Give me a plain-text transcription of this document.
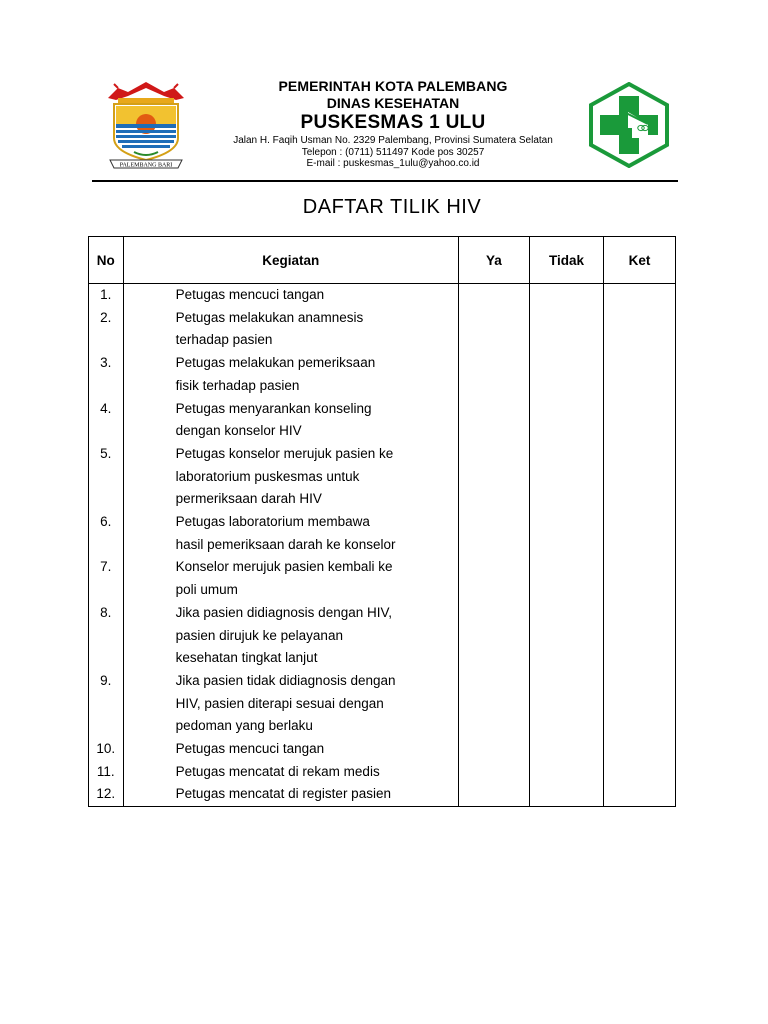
PALEMBANG BARI
PEMERINTAH KOTA PALEMBANG
DINAS KESEHATAN
PUSKESMAS 1 ULU
Jalan H. Faqih Usman No. 2329 Palembang, Provinsi Sumatera Selatan
Telepon : (0711) 511497 Kode pos 30257
E-mail : puskesmas_1ulu@yahoo.co.id
DAFTAR TILIK HIV
No	Kegiatan	Ya	Tidak	Ket
1.	Petugas mencuci tangan			

2.	Petugas melakukan anamnesis
terhadap pasien			

3.	Petugas melakukan pemeriksaan
fisik terhadap pasien			

4.	Petugas menyarankan konseling
dengan konselor HIV			

5.	Petugas konselor merujuk pasien ke
laboratorium puskesmas untuk
permeriksaan darah HIV			

6.	Petugas laboratorium membawa
hasil pemeriksaan darah ke konselor			

7.	Konselor merujuk pasien kembali ke
poli umum			

8.	Jika pasien didiagnosis dengan HIV,
pasien dirujuk ke pelayanan
kesehatan tingkat lanjut			

9.	Jika pasien tidak didiagnosis dengan
HIV, pasien diterapi sesuai dengan
pedoman yang berlaku			

10.	Petugas mencuci tangan			

11.	Petugas mencatat di rekam medis			

12.	Petugas mencatat di register pasien			
